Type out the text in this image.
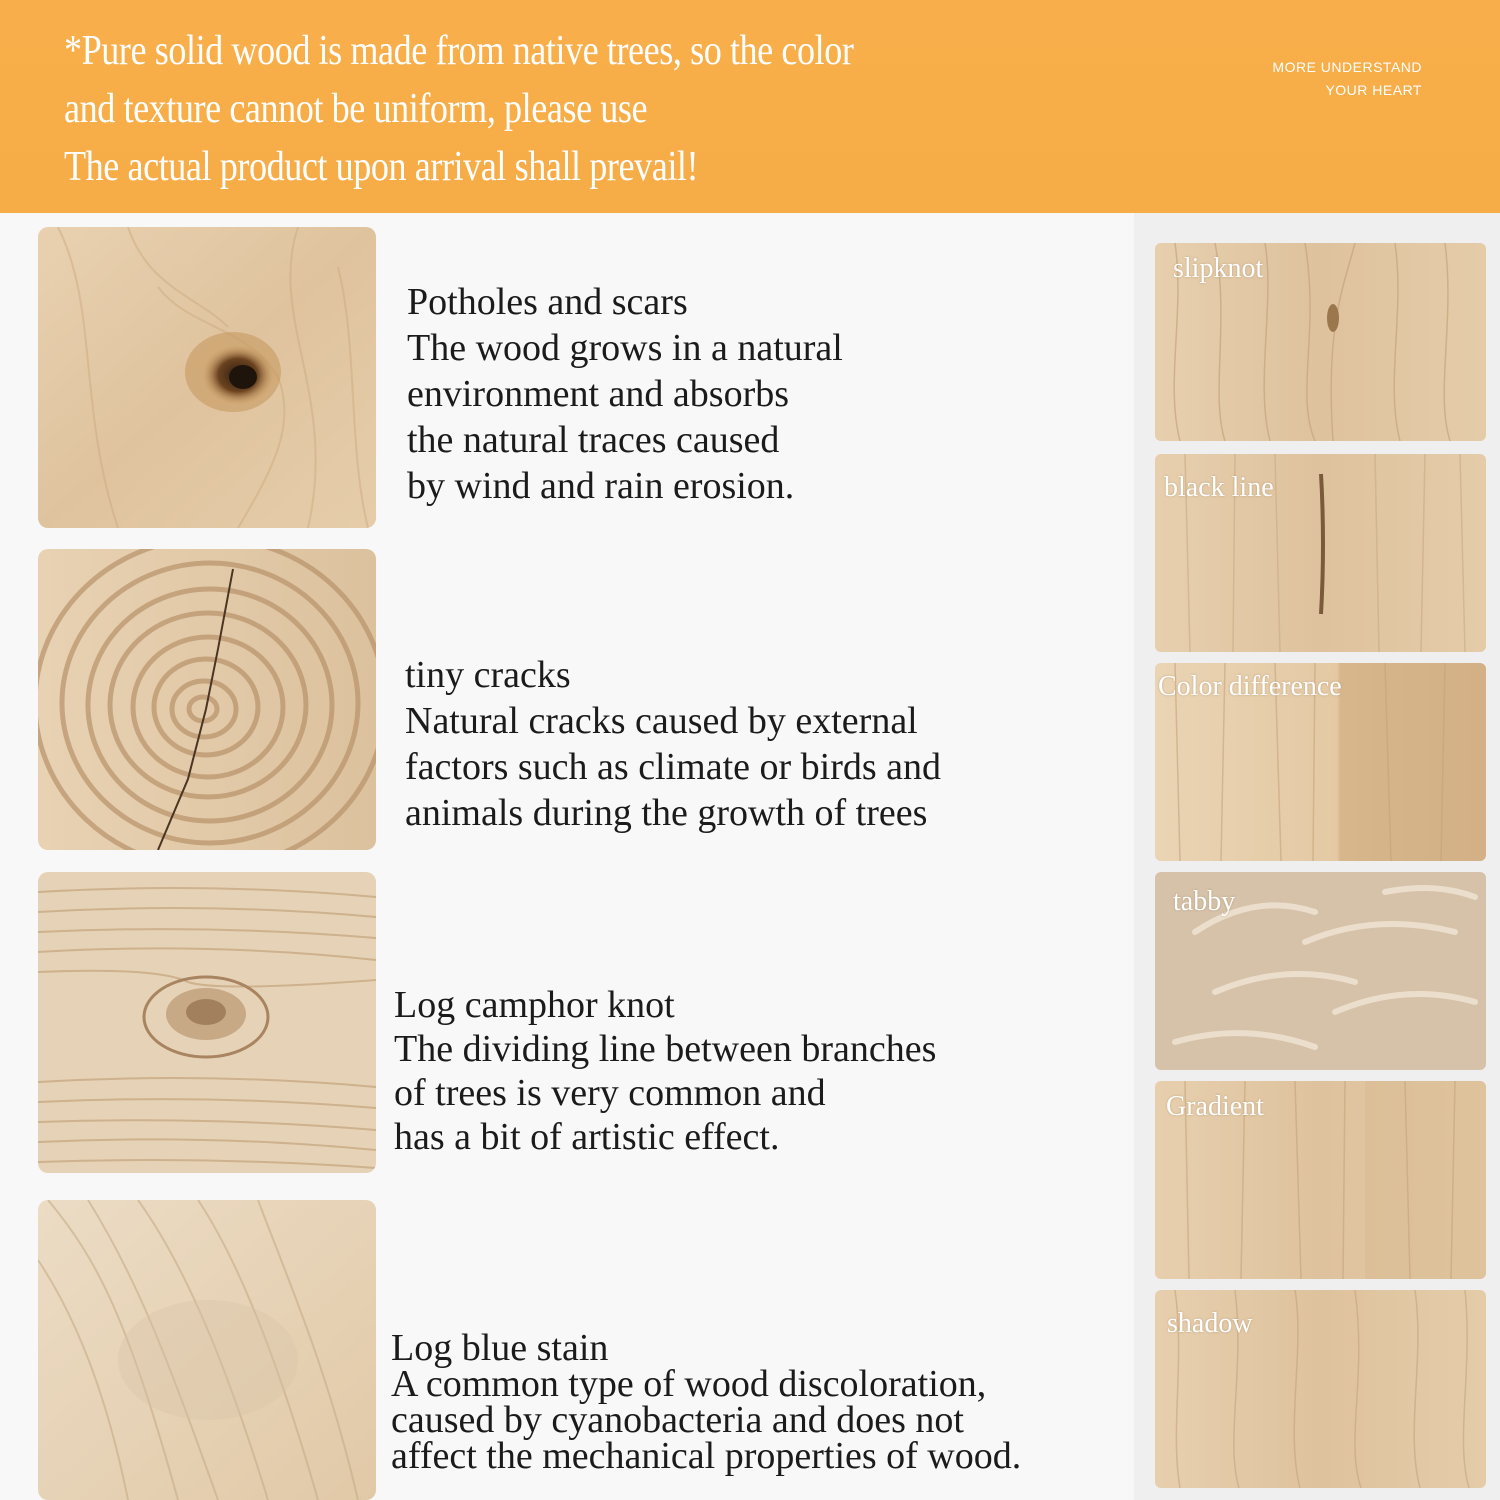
*Pure solid wood is made from native trees, so the color
and texture cannot be uniform, please use
The actual product upon arrival shall prevail!
MORE UNDERSTAND
YOUR HEART
Potholes and scars
The wood grows in a natural
environment and absorbs
the natural traces caused
by wind and rain erosion.
tiny cracks
Natural cracks caused by external
factors such as climate or birds and
animals during the growth of trees
Log camphor knot
The dividing line between branches
of trees is very common and
has a bit of artistic effect.
Log blue stain
A common type of wood discoloration,
caused by cyanobacteria and does not
affect the mechanical properties of wood.
slipknot
black line
Color difference
tabby
Gradient
shadow
